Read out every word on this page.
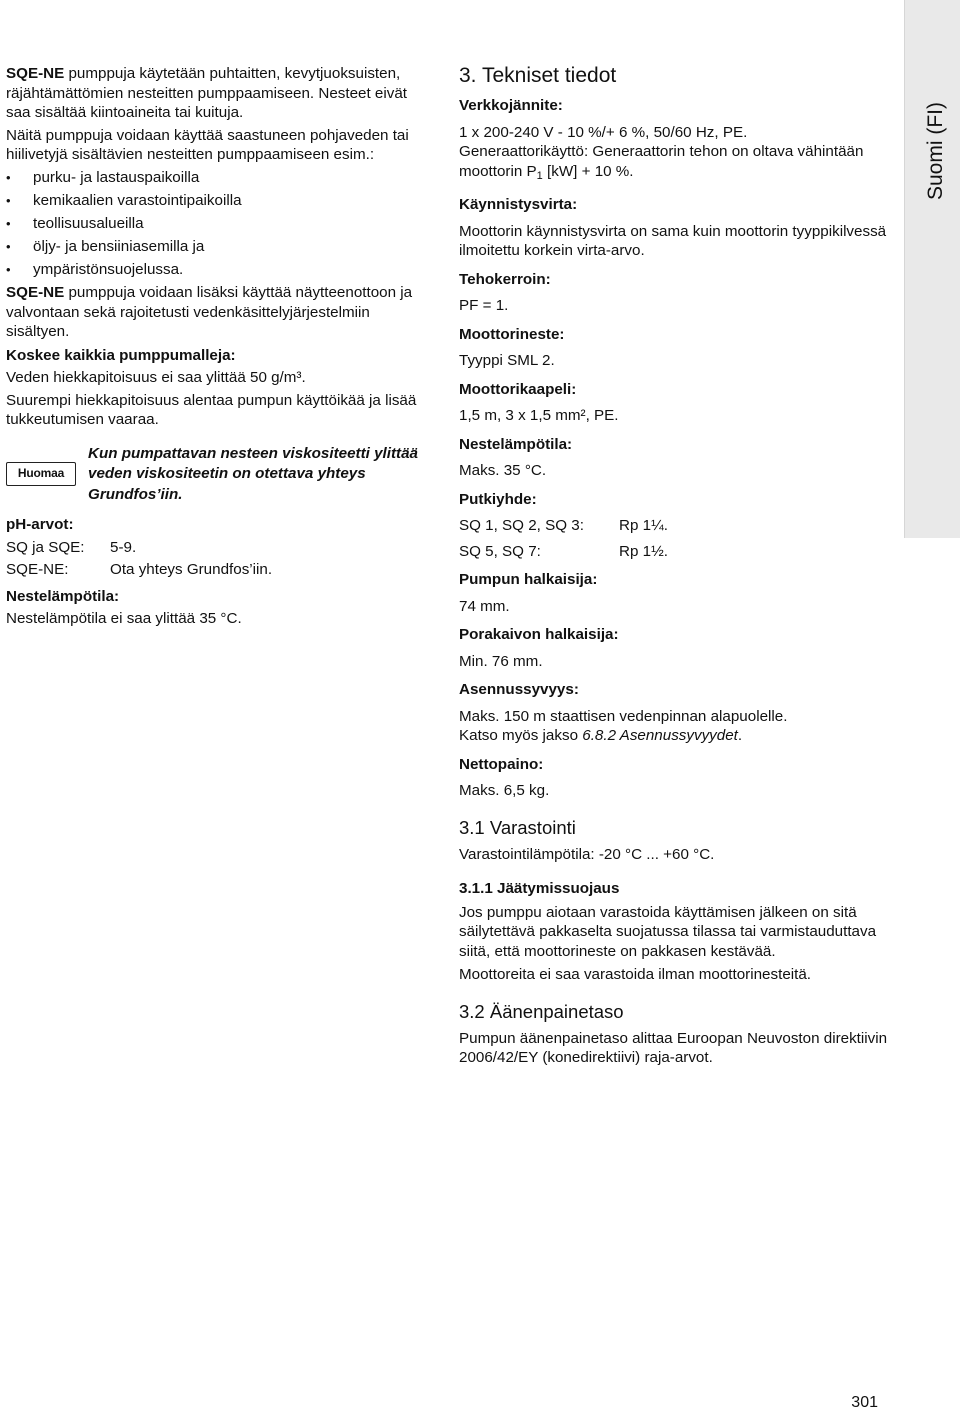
Suomi (FI)

SQE-NE pumppuja käytetään puhtaitten, kevytjuoksuisten, räjähtämättömien nesteitten pumppaamiseen. Nesteet eivät saa sisältää kiintoaineita tai kuituja.

Näitä pumppuja voidaan käyttää saastuneen pohjaveden tai hiilivetyjä sisältävien nesteitten pumppaamiseen esim.:

• purku- ja lastauspaikoilla
• kemikaalien varastointipaikoilla
• teollisuusalueilla
• öljy- ja bensiiniasemilla ja
• ympäristönsuojelussa.

SQE-NE pumppuja voidaan lisäksi käyttää näytteenottoon ja valvontaan sekä rajoitetusti vedenkäsittelyjärjestelmiin sisältyen.

Koskee kaikkia pumppumalleja:

Veden hiekkapitoisuus ei saa ylittää 50 g/m³.

Suurempi hiekkapitoisuus alentaa pumpun käyttöikää ja lisää tukkeutumisen vaaraa.

Huomaa
Kun pumpattavan nesteen viskositeetti ylittää veden viskositeetin on otettava yhteys Grundfos’iin.
pH-arvot:
SQ ja SQE:	5-9.
SQE-NE:	Ota yhteys Grundfos’iin.
Nestelämpötila:

Nestelämpötila ei saa ylittää 35 °C.

3. Tekniset tiedot
Verkkojännite:
1 x 200-240 V - 10 %/+ 6 %, 50/60 Hz, PE.
Generaattorikäyttö: Generaattorin tehon on oltava vähintään moottorin $P_1$ [kW] + 10 %.
Käynnistysvirta:
Moottorin käynnistysvirta on sama kuin moottorin tyyppikilvessä ilmoitettu korkein virta-arvo.
Tehokerroin:
PF = 1.
Moottorineste:
Tyyppi SML 2.
Moottorikaapeli:
1,5 m, 3 x 1,5 mm², PE.
Nestelämpötila:
Maks. 35 °C.
Putkiyhde:
SQ 1, SQ 2, SQ 3:	Rp 1¼.
SQ 5, SQ 7:	Rp 1½.
Pumpun halkaisija:
74 mm.
Porakaivon halkaisija:
Min. 76 mm.
Asennussyvyys:
Maks. 150 m staattisen vedenpinnan alapuolelle.
Katso myös jakso 6.8.2 Asennussyvyydet.
Nettopaino:
Maks. 6,5 kg.
3.1 Varastointi
Varastointilämpötila: -20 °C ... +60 °C.
3.1.1 Jäätymissuojaus

Jos pumppu aiotaan varastoida käyttämisen jälkeen on sitä säilytettävä pakkaselta suojatussa tilassa tai varmistauduttava siitä, että moottorineste on pakkasen kestävää.

Moottoreita ei saa varastoida ilman moottorinesteitä.

3.2 Äänenpainetaso

Pumpun äänenpainetaso alittaa Euroopan Neuvoston direktiivin 2006/42/EY (konedirektiivi) raja-arvot.

301
